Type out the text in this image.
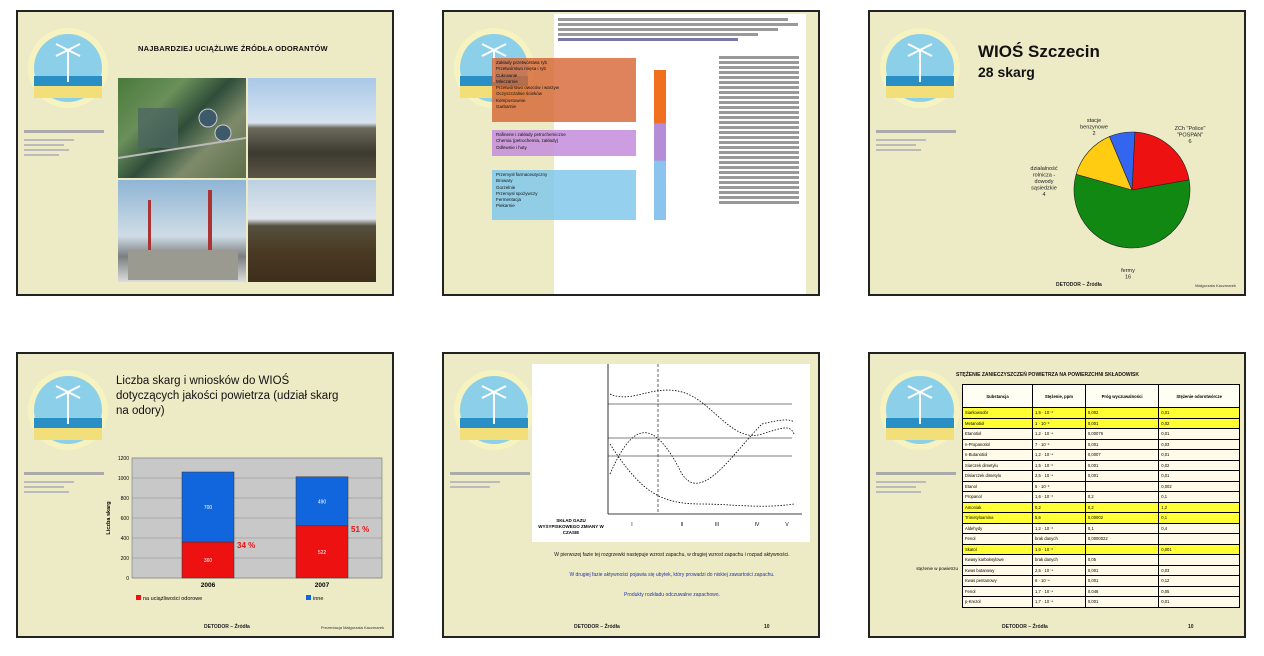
NAJBARDZIEJ UCIĄŻLIWE ŹRÓDŁA ODORANTÓW
Zakłady przetwórstwa ryb
Przetwórstwo mięsa i ryb
Cukrownie
Mleczarnie
Przetwórstwo owoców i warzyw
Oczyszczalnie ścieków
Kompostownie
Garbarnie
Rafinerie i zakłady petrochemiczne
Chemia (petrochemia, zakłady)
Odlewnie i huty
Przemysł farmaceutyczny
Browary
Gorzelnie
Przemysł spożywczy
Fermentacja
Piekarnie
WIOŚ Szczecin
28 skarg
ZCh "Police" "POSPAN" 6
fermy 16
działalność rolnicza -dowody sąsiedzkie 4
stacje benzynowe 2
DETODOR – Źródła	Małgorzata Kaczmarek
Liczba skarg i wniosków do WIOŚ dotyczących jakości powietrza (udział skarg na odory)
0
200
400
600
800
1000
1200
Liczba skarg
360
700
2006
34 %
522
490
2007
51 %
na uciążliwości odorowe	inne
DETODOR – Źródła	Prezentacja Małgorzata Kaczmarek
I	II	III	IV	V
SKŁAD GAZU WYSYPISKOWEGO ZMIANY W CZASIE
W pierwszej fazie tej rozgrzewki następuje wzrost zapachu, w drugiej wzrost zapachu i rozpad aktywności.
W drugiej fazie aktywności pojawia się ubytek, który prowadzi do niskiej zawartości zapachu.
Produkty rozkładu odczuwalne zapachowo.
DETODOR – Źródła	10
STĘŻENIE ZANIECZYSZCZEŃ POWIETRZA NA POWIERZCHNI SKŁADOWISK
Substancja	Stężenie, ppm	Próg wyczuwalności	Stężenie odorotwórcze
Siarkowodór	1,5 · 10⁻³	0,002	0,01
Metanotiol	1 · 10⁻³	0,001	0,02
Etanotiol	1,2 · 10⁻⁴	0,00076	0,01
n-Propanotiol	7 · 10⁻⁵	0,001	0,03
n-Butanotiol	1,2 · 10⁻⁴	0,0007	0,01
Siarczek dimetylu	1,5 · 10⁻³	0,001	0,02
Disiarczek dimetylu	2,5 · 10⁻⁴	0,001	0,01
Etanol	5 · 10⁻³		0,002
Propanol	1,6 · 10⁻³	0,2	0,1
Amoniak	0,2	0,2	1,2
Trimetyloamina	5,6	0,00002	0,1
Aldehydy	1,2 · 10⁻³	0,1	0,4
Fenol	brak danych	0,0000022	
Skatol	1,6 · 10⁻³		0,001
Kwasy karboksylowe	brak danych	0,05	
Kwas butanowy	2,5 · 10⁻⁴	0,001	0,03
Kwas pentanowy	6 · 10⁻⁴	0,001	0,12
Fenol	1,7 · 10⁻⁴	0,046	0,05
p-Krezol	1,7 · 10⁻⁴	0,001	0,01
stężenie w powietrzu
DETODOR – Źródła	10
